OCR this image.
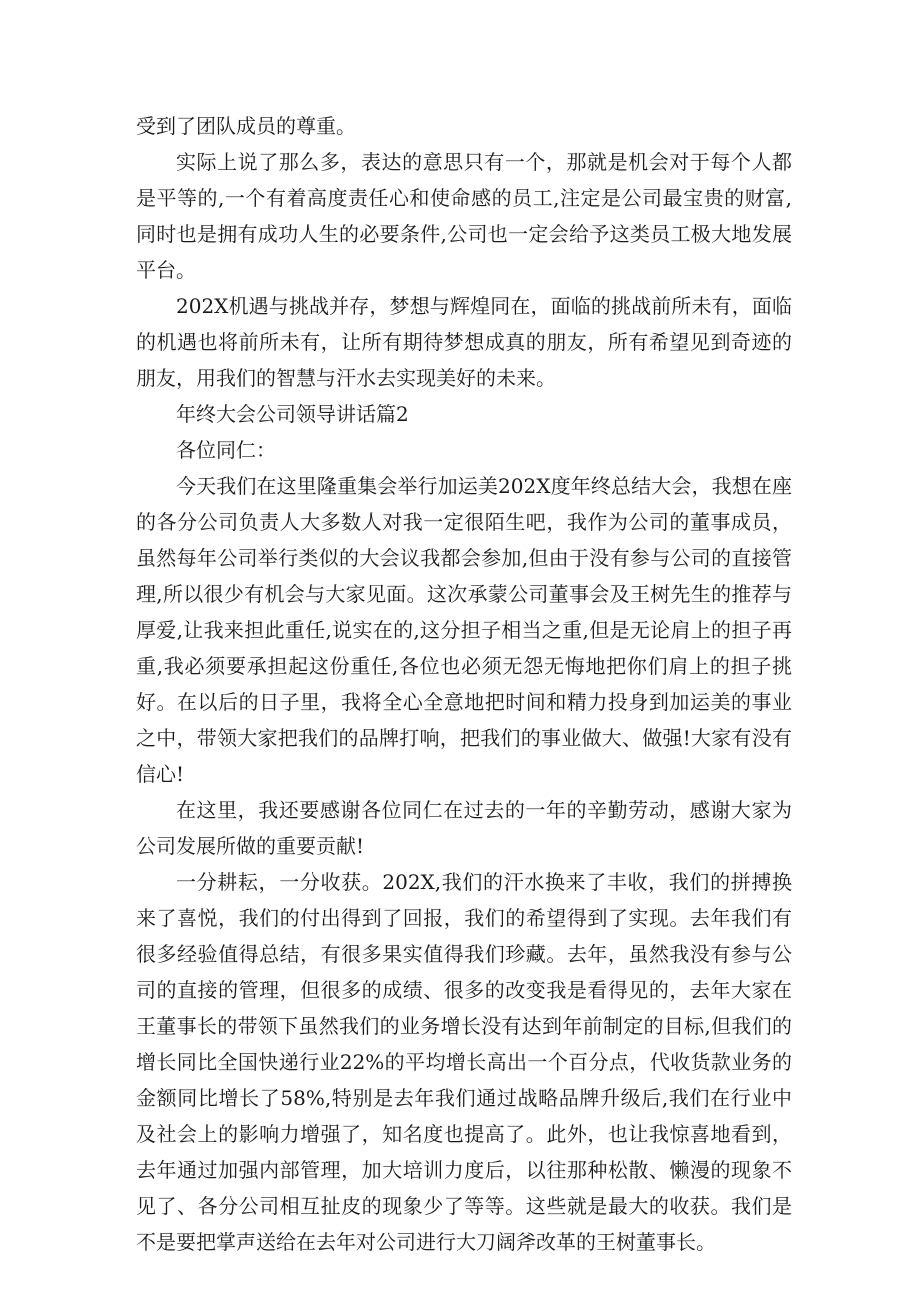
受到了团队成员的尊重。

实际上说了那么多，表达的意思只有一个，那就是机会对于每个人都是平等的,一个有着高度责任心和使命感的员工,注定是公司最宝贵的财富,同时也是拥有成功人生的必要条件,公司也一定会给予这类员工极大地发展平台。

202X机遇与挑战并存，梦想与辉煌同在，面临的挑战前所未有，面临的机遇也将前所未有，让所有期待梦想成真的朋友，所有希望见到奇迹的朋友，用我们的智慧与汗水去实现美好的未来。

年终大会公司领导讲话篇2

各位同仁：

今天我们在这里隆重集会举行加运美202X度年终总结大会，我想在座的各分公司负责人大多数人对我一定很陌生吧，我作为公司的董事成员，虽然每年公司举行类似的大会议我都会参加,但由于没有参与公司的直接管理,所以很少有机会与大家见面。这次承蒙公司董事会及王树先生的推荐与厚爱,让我来担此重任,说实在的,这分担子相当之重,但是无论肩上的担子再重,我必须要承担起这份重任,各位也必须无怨无悔地把你们肩上的担子挑好。在以后的日子里，我将全心全意地把时间和精力投身到加运美的事业之中，带领大家把我们的品牌打响，把我们的事业做大、做强!大家有没有信心!

在这里，我还要感谢各位同仁在过去的一年的辛勤劳动，感谢大家为公司发展所做的重要贡献!

一分耕耘，一分收获。202X,我们的汗水换来了丰收，我们的拼搏换来了喜悦，我们的付出得到了回报，我们的希望得到了实现。去年我们有很多经验值得总结，有很多果实值得我们珍藏。去年，虽然我没有参与公司的直接的管理，但很多的成绩、很多的改变我是看得见的，去年大家在王董事长的带领下虽然我们的业务增长没有达到年前制定的目标,但我们的增长同比全国快递行业22%的平均增长高出一个百分点，代收货款业务的金额同比增长了58%,特别是去年我们通过战略品牌升级后,我们在行业中及社会上的影响力增强了，知名度也提高了。此外，也让我惊喜地看到，去年通过加强内部管理，加大培训力度后，以往那种松散、懒漫的现象不见了、各分公司相互扯皮的现象少了等等。这些就是最大的收获。我们是不是要把掌声送给在去年对公司进行大刀阔斧改革的王树董事长。
